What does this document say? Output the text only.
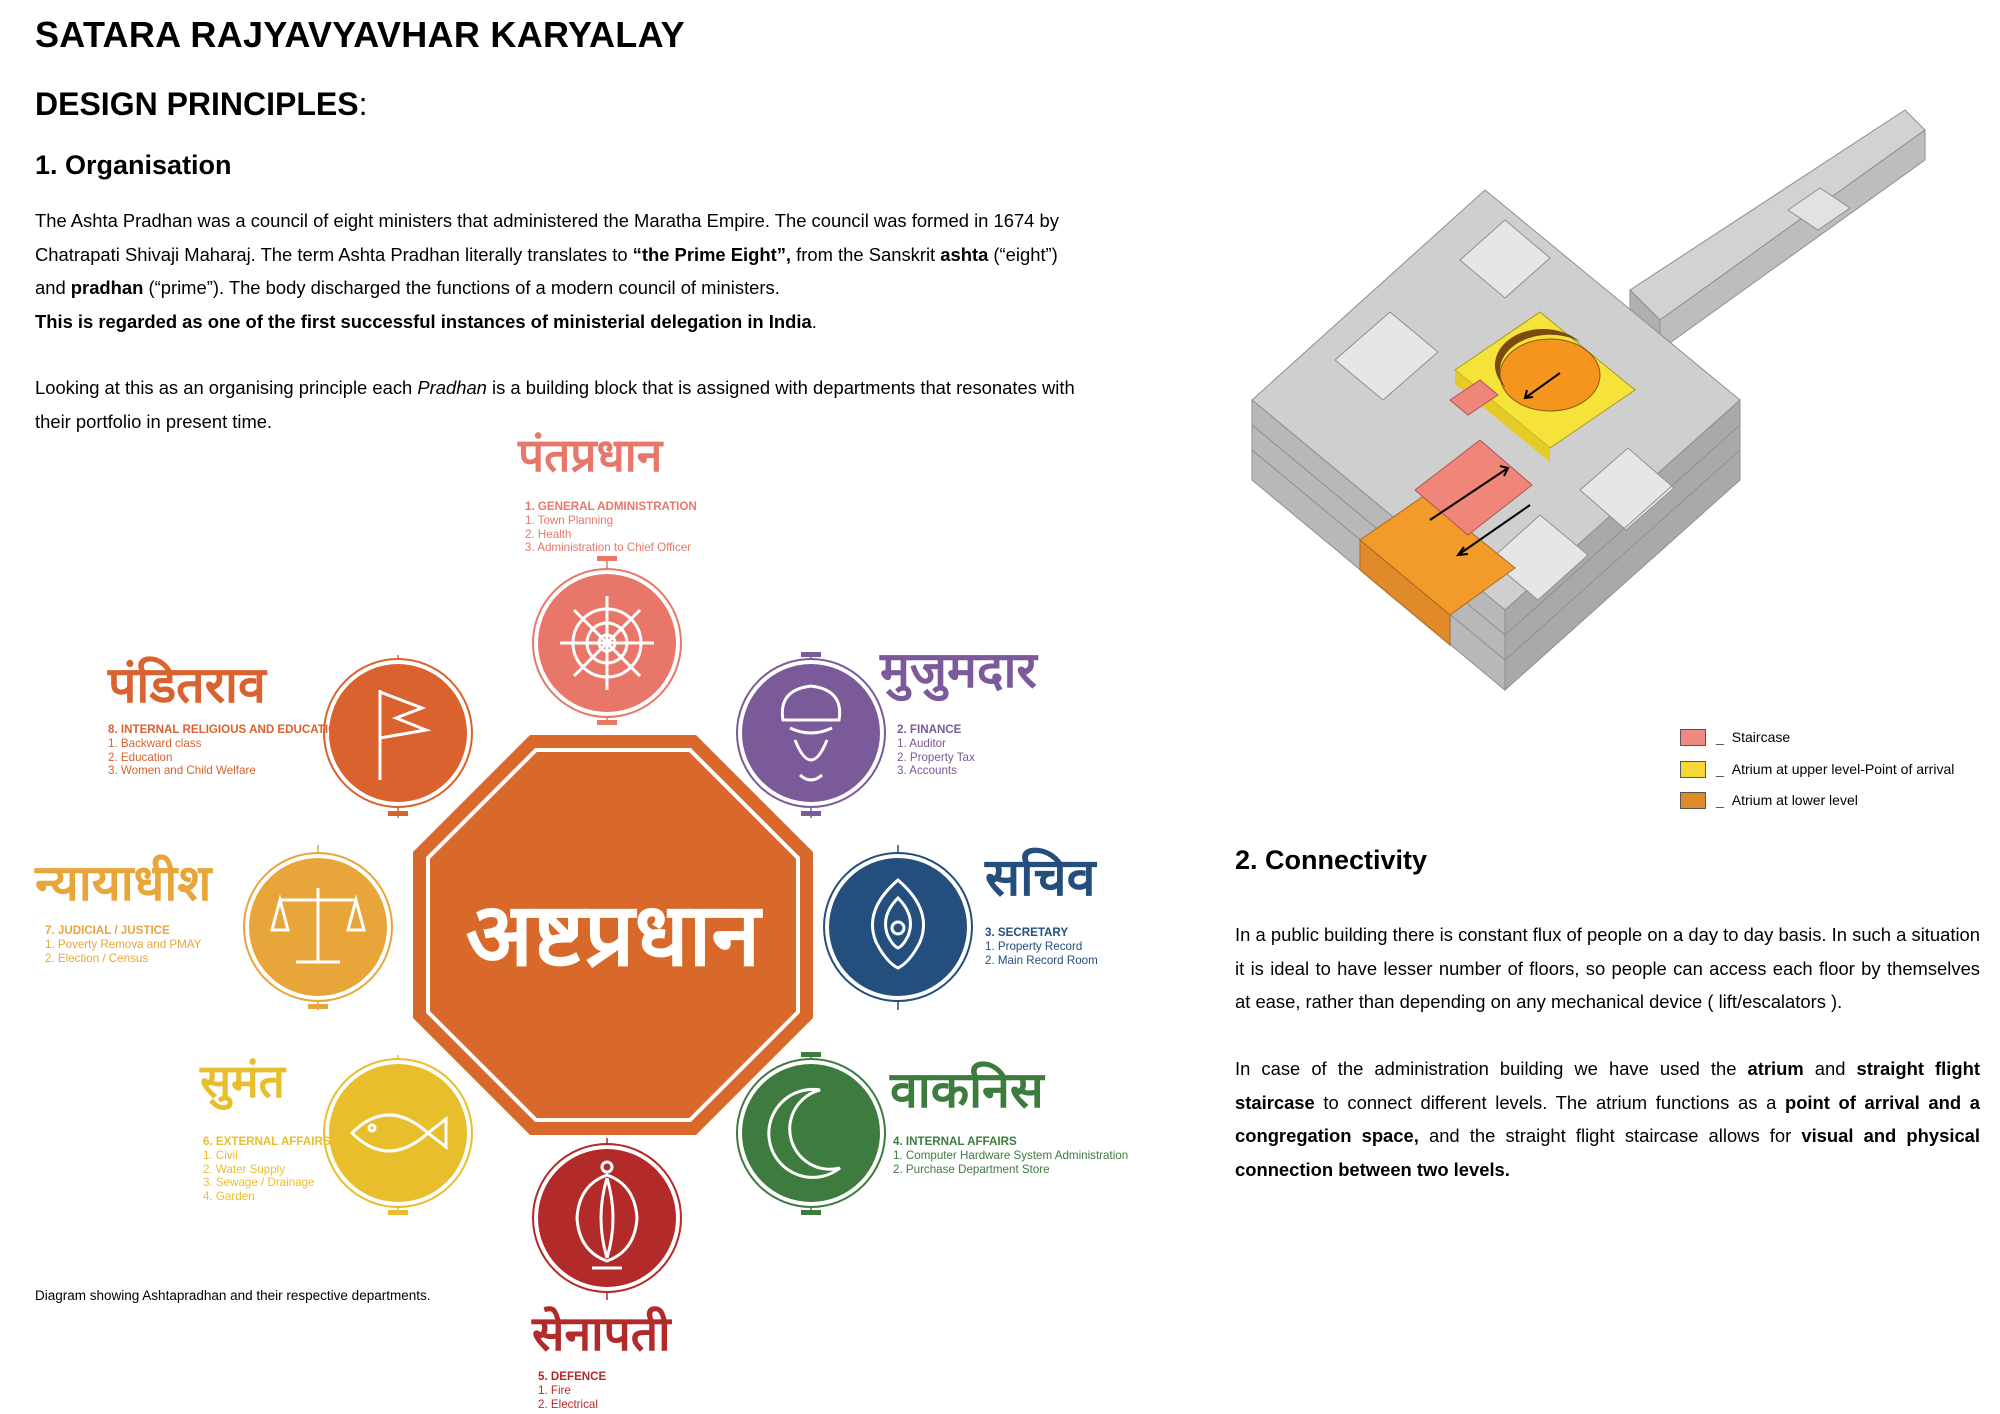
SATARA RAJYAVYAVHAR KARYALAY
DESIGN PRINCIPLES:
1. Organisation
The Ashta Pradhan was a council of eight ministers that administered the Maratha Empire. The council was formed in 1674 by Chatrapati Shivaji Maharaj. The term Ashta Pradhan literally translates to “the Prime Eight”, from the Sanskrit ashta (“eight”) and pradhan (“prime”). The body discharged the functions of a modern council of ministers.
This is regarded as one of the first successful instances of ministerial delegation in India.
Looking at this as an organising principle each Pradhan is a building block that is assigned with departments that resonates with their portfolio in present time.
अष्टप्रधान
पंतप्रधान
मुजुमदार
सचिव
वाकनिस
सेनापती
सुमंत
न्यायाधीश
पंडितराव
1. GENERAL ADMINISTRATION
1. Town Planning
2. Health
3. Administration to Chief Officer
2. FINANCE
1. Auditor
2. Property Tax
3. Accounts
3. SECRETARY
1. Property Record
2. Main Record Room
4. INTERNAL AFFAIRS
1. Computer Hardware System Administration
2. Purchase Department Store
5. DEFENCE
1. Fire
2. Electrical
6. EXTERNAL AFFAIRS
1. Civil
2. Water Supply
3. Sewage / Drainage
4. Garden
7. JUDICIAL / JUSTICE
1. Poverty Remova and PMAY
2. Election / Census
8. INTERNAL RELIGIOUS AND EDUCATION
1. Backward class
2. Education
3. Women and Child Welfare
Diagram showing Ashtapradhan and their respective departments.
_ Staircase
_ Atrium at upper level-Point of arrival
_ Atrium at lower level
2. Connectivity
In a public building there is constant flux of people on a day to day basis. In such a situation it is ideal to have lesser number of floors, so people can access each floor by themselves at ease, rather than depending on any mechanical device ( lift/escalators ).
In case of the administration building we have used the atrium and straight flight staircase to connect different levels. The atrium functions as a point of arrival and a congregation space, and the straight flight staircase allows for visual and physical connection between two levels.
